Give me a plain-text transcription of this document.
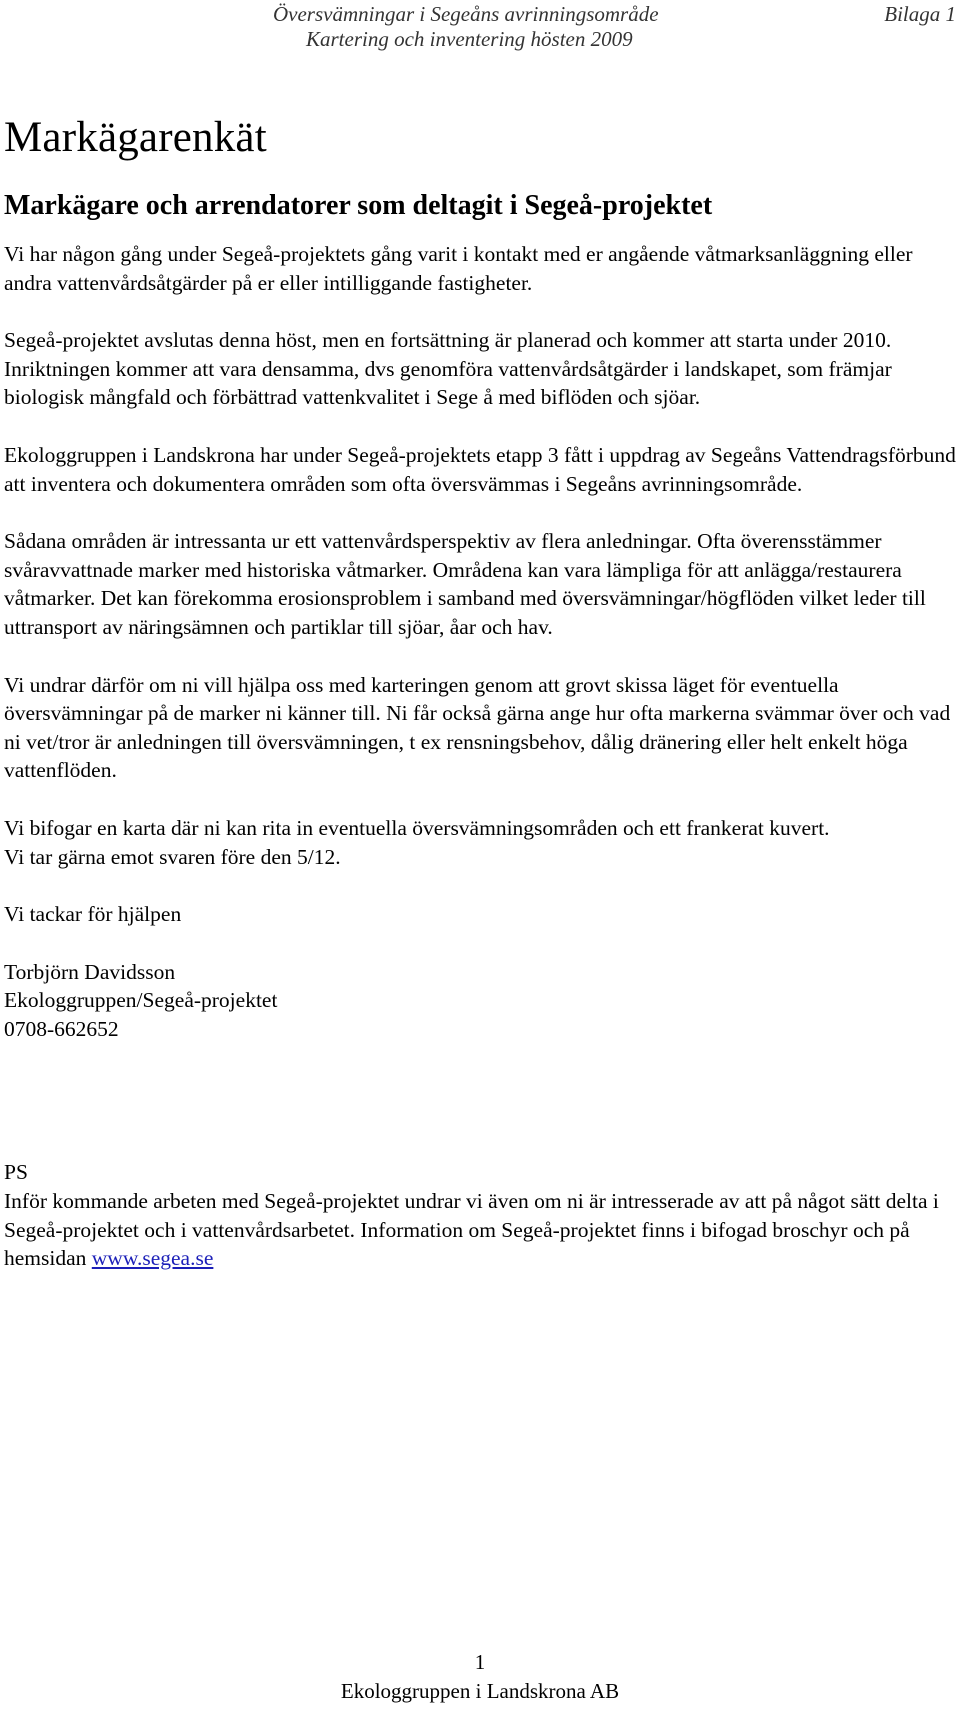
Översvämningar i Segeåns avrinningsområde
Kartering och inventering hösten 2009
Bilaga 1
Markägarenkät
Markägare och arrendatorer som deltagit i Segeå-projektet

Vi har någon gång under Segeå-projektets gång varit i kontakt med er angående våtmarksanläggning eller andra vattenvårdsåtgärder på er eller intilliggande fastigheter.

Segeå-projektet avslutas denna höst, men en fortsättning är planerad och kommer att starta under 2010. Inriktningen kommer att vara densamma, dvs genomföra vattenvårdsåtgärder i landskapet, som främjar biologisk mångfald och förbättrad vattenkvalitet i Sege å med biflöden och sjöar.

Ekologgruppen i Landskrona har under Segeå-projektets etapp 3 fått i uppdrag av Segeåns Vattendragsförbund att inventera och dokumentera områden som ofta översvämmas i Segeåns avrinningsområde.

Sådana områden är intressanta ur ett vattenvårdsperspektiv av flera anledningar. Ofta överensstämmer svåravvattnade marker med historiska våtmarker. Områdena kan vara lämpliga för att anlägga/restaurera våtmarker. Det kan förekomma erosionsproblem i samband med översvämningar/högflöden vilket leder till uttransport av näringsämnen och partiklar till sjöar, åar och hav.

Vi undrar därför om ni vill hjälpa oss med karteringen genom att grovt skissa läget för eventuella översvämningar på de marker ni känner till. Ni får också gärna ange hur ofta markerna svämmar över och vad ni vet/tror är anledningen till översvämningen, t ex rensningsbehov, dålig dränering eller helt enkelt höga vattenflöden.

Vi bifogar en karta där ni kan rita in eventuella översvämningsområden och ett frankerat kuvert.
Vi tar gärna emot svaren före den 5/12.

Vi tackar för hjälpen

Torbjörn Davidsson
Ekologgruppen/Segeå-projektet
0708-662652

PS
Inför kommande arbeten med Segeå-projektet undrar vi även om ni är intresserade av att på något sätt delta i Segeå-projektet och i vattenvårdsarbetet. Information om Segeå-projektet finns i bifogad broschyr och på hemsidan www.segea.se

1
Ekologgruppen i Landskrona AB
